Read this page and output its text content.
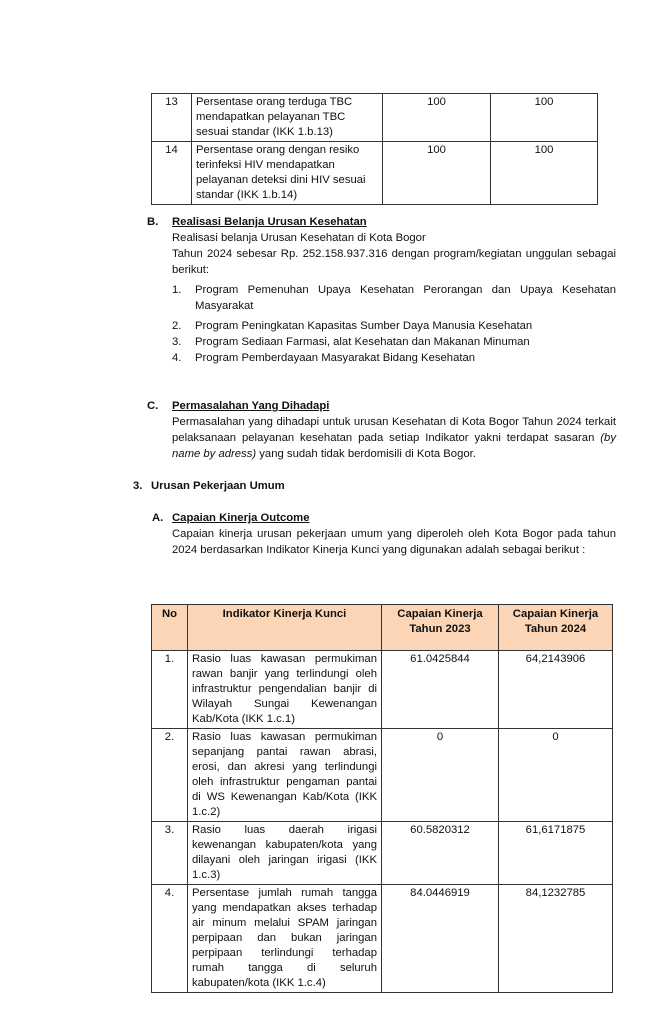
13	Persentase orang terduga TBC mendapatkan pelayanan TBC sesuai standar (IKK 1.b.13)	100	100
14	Persentase orang dengan resiko terinfeksi HIV mendapatkan pelayanan deteksi dini HIV sesuai standar (IKK 1.b.14)	100	100
B. Realisasi Belanja Urusan Kesehatan
Realisasi belanja Urusan Kesehatan di Kota Bogor
Tahun 2024 sebesar Rp. 252.158.937.316 dengan program/kegiatan unggulan sebagai berikut:
1. Program Pemenuhan Upaya Kesehatan Perorangan dan Upaya Kesehatan Masyarakat
2. Program Peningkatan Kapasitas Sumber Daya Manusia Kesehatan
3. Program Sediaan Farmasi, alat Kesehatan dan Makanan Minuman
4. Program Pemberdayaan Masyarakat Bidang Kesehatan
C. Permasalahan Yang Dihadapi
Permasalahan yang dihadapi untuk urusan Kesehatan di Kota Bogor Tahun 2024 terkait pelaksanaan pelayanan kesehatan pada setiap Indikator yakni terdapat sasaran (by name by adress) yang sudah tidak berdomisili di Kota Bogor.
3. Urusan Pekerjaan Umum
A. Capaian Kinerja Outcome
Capaian kinerja urusan pekerjaan umum yang diperoleh oleh Kota Bogor pada tahun 2024 berdasarkan Indikator Kinerja Kunci yang digunakan adalah sebagai berikut :
No	Indikator Kinerja Kunci	Capaian Kinerja Tahun 2023	Capaian Kinerja Tahun 2024
1.	Rasio luas kawasan permukiman rawan banjir yang terlindungi oleh infrastruktur pengendalian banjir di Wilayah Sungai Kewenangan Kab/Kota (IKK 1.c.1)	61.0425844	64,2143906
2.	Rasio luas kawasan permukiman sepanjang pantai rawan abrasi, erosi, dan akresi yang terlindungi oleh infrastruktur pengaman pantai di WS Kewenangan Kab/Kota (IKK 1.c.2)	0	0
3.	Rasio luas daerah irigasi kewenangan kabupaten/kota yang dilayani oleh jaringan irigasi (IKK 1.c.3)	60.5820312	61,6171875
4.	Persentase jumlah rumah tangga yang mendapatkan akses terhadap air minum melalui SPAM jaringan perpipaan dan bukan jaringan perpipaan terlindungi terhadap rumah tangga di seluruh kabupaten/kota (IKK 1.c.4)	84.0446919	84,1232785
